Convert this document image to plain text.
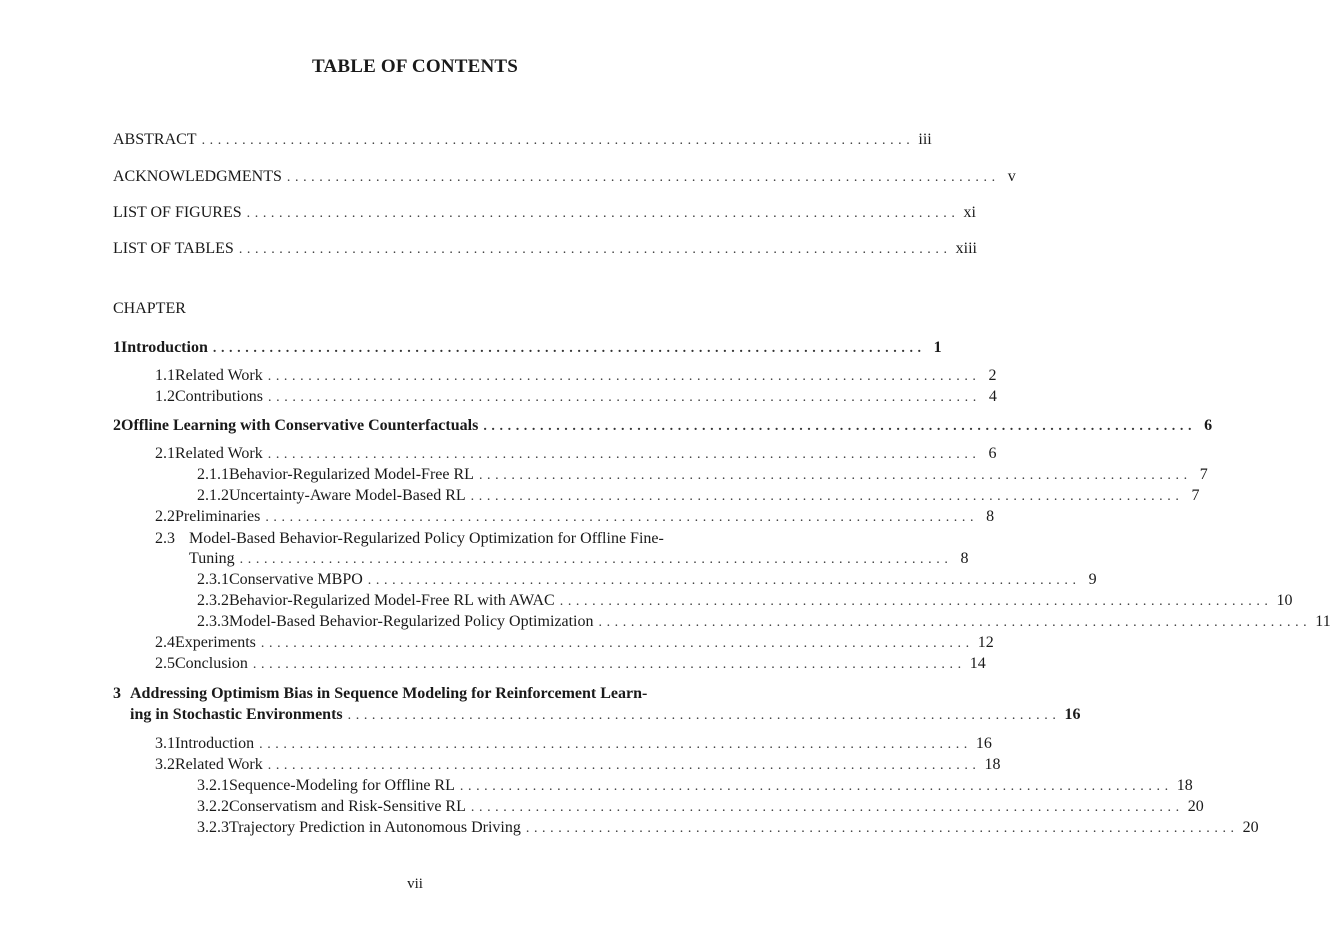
TABLE OF CONTENTS
ABSTRACT ........................................................................................ iii
ACKNOWLEDGMENTS ........................................................................................ v
LIST OF FIGURES ........................................................................................ xi
LIST OF TABLES ........................................................................................ xiii
CHAPTER
1 Introduction ........................................................................................ 1
1.1 Related Work ........................................................................................ 2
1.2 Contributions ........................................................................................ 4
2 Offline Learning with Conservative Counterfactuals ........................................................................................ 6
2.1 Related Work ........................................................................................ 6
2.1.1 Behavior-Regularized Model-Free RL ........................................................................................ 7
2.1.2 Uncertainty-Aware Model-Based RL ........................................................................................ 7
2.2 Preliminaries ........................................................................................ 8
2.3 Model-Based Behavior-Regularized Policy Optimization for Offline Fine-
Tuning ........................................................................................ 8
2.3.1 Conservative MBPO ........................................................................................ 9
2.3.2 Behavior-Regularized Model-Free RL with AWAC ........................................................................................ 10
2.3.3 Model-Based Behavior-Regularized Policy Optimization ........................................................................................ 11
2.4 Experiments ........................................................................................ 12
2.5 Conclusion ........................................................................................ 14
3 Addressing Optimism Bias in Sequence Modeling for Reinforcement Learn-
ing in Stochastic Environments ........................................................................................ 16
3.1 Introduction ........................................................................................ 16
3.2 Related Work ........................................................................................ 18
3.2.1 Sequence-Modeling for Offline RL ........................................................................................ 18
3.2.2 Conservatism and Risk-Sensitive RL ........................................................................................ 20
3.2.3 Trajectory Prediction in Autonomous Driving ........................................................................................ 20
vii
